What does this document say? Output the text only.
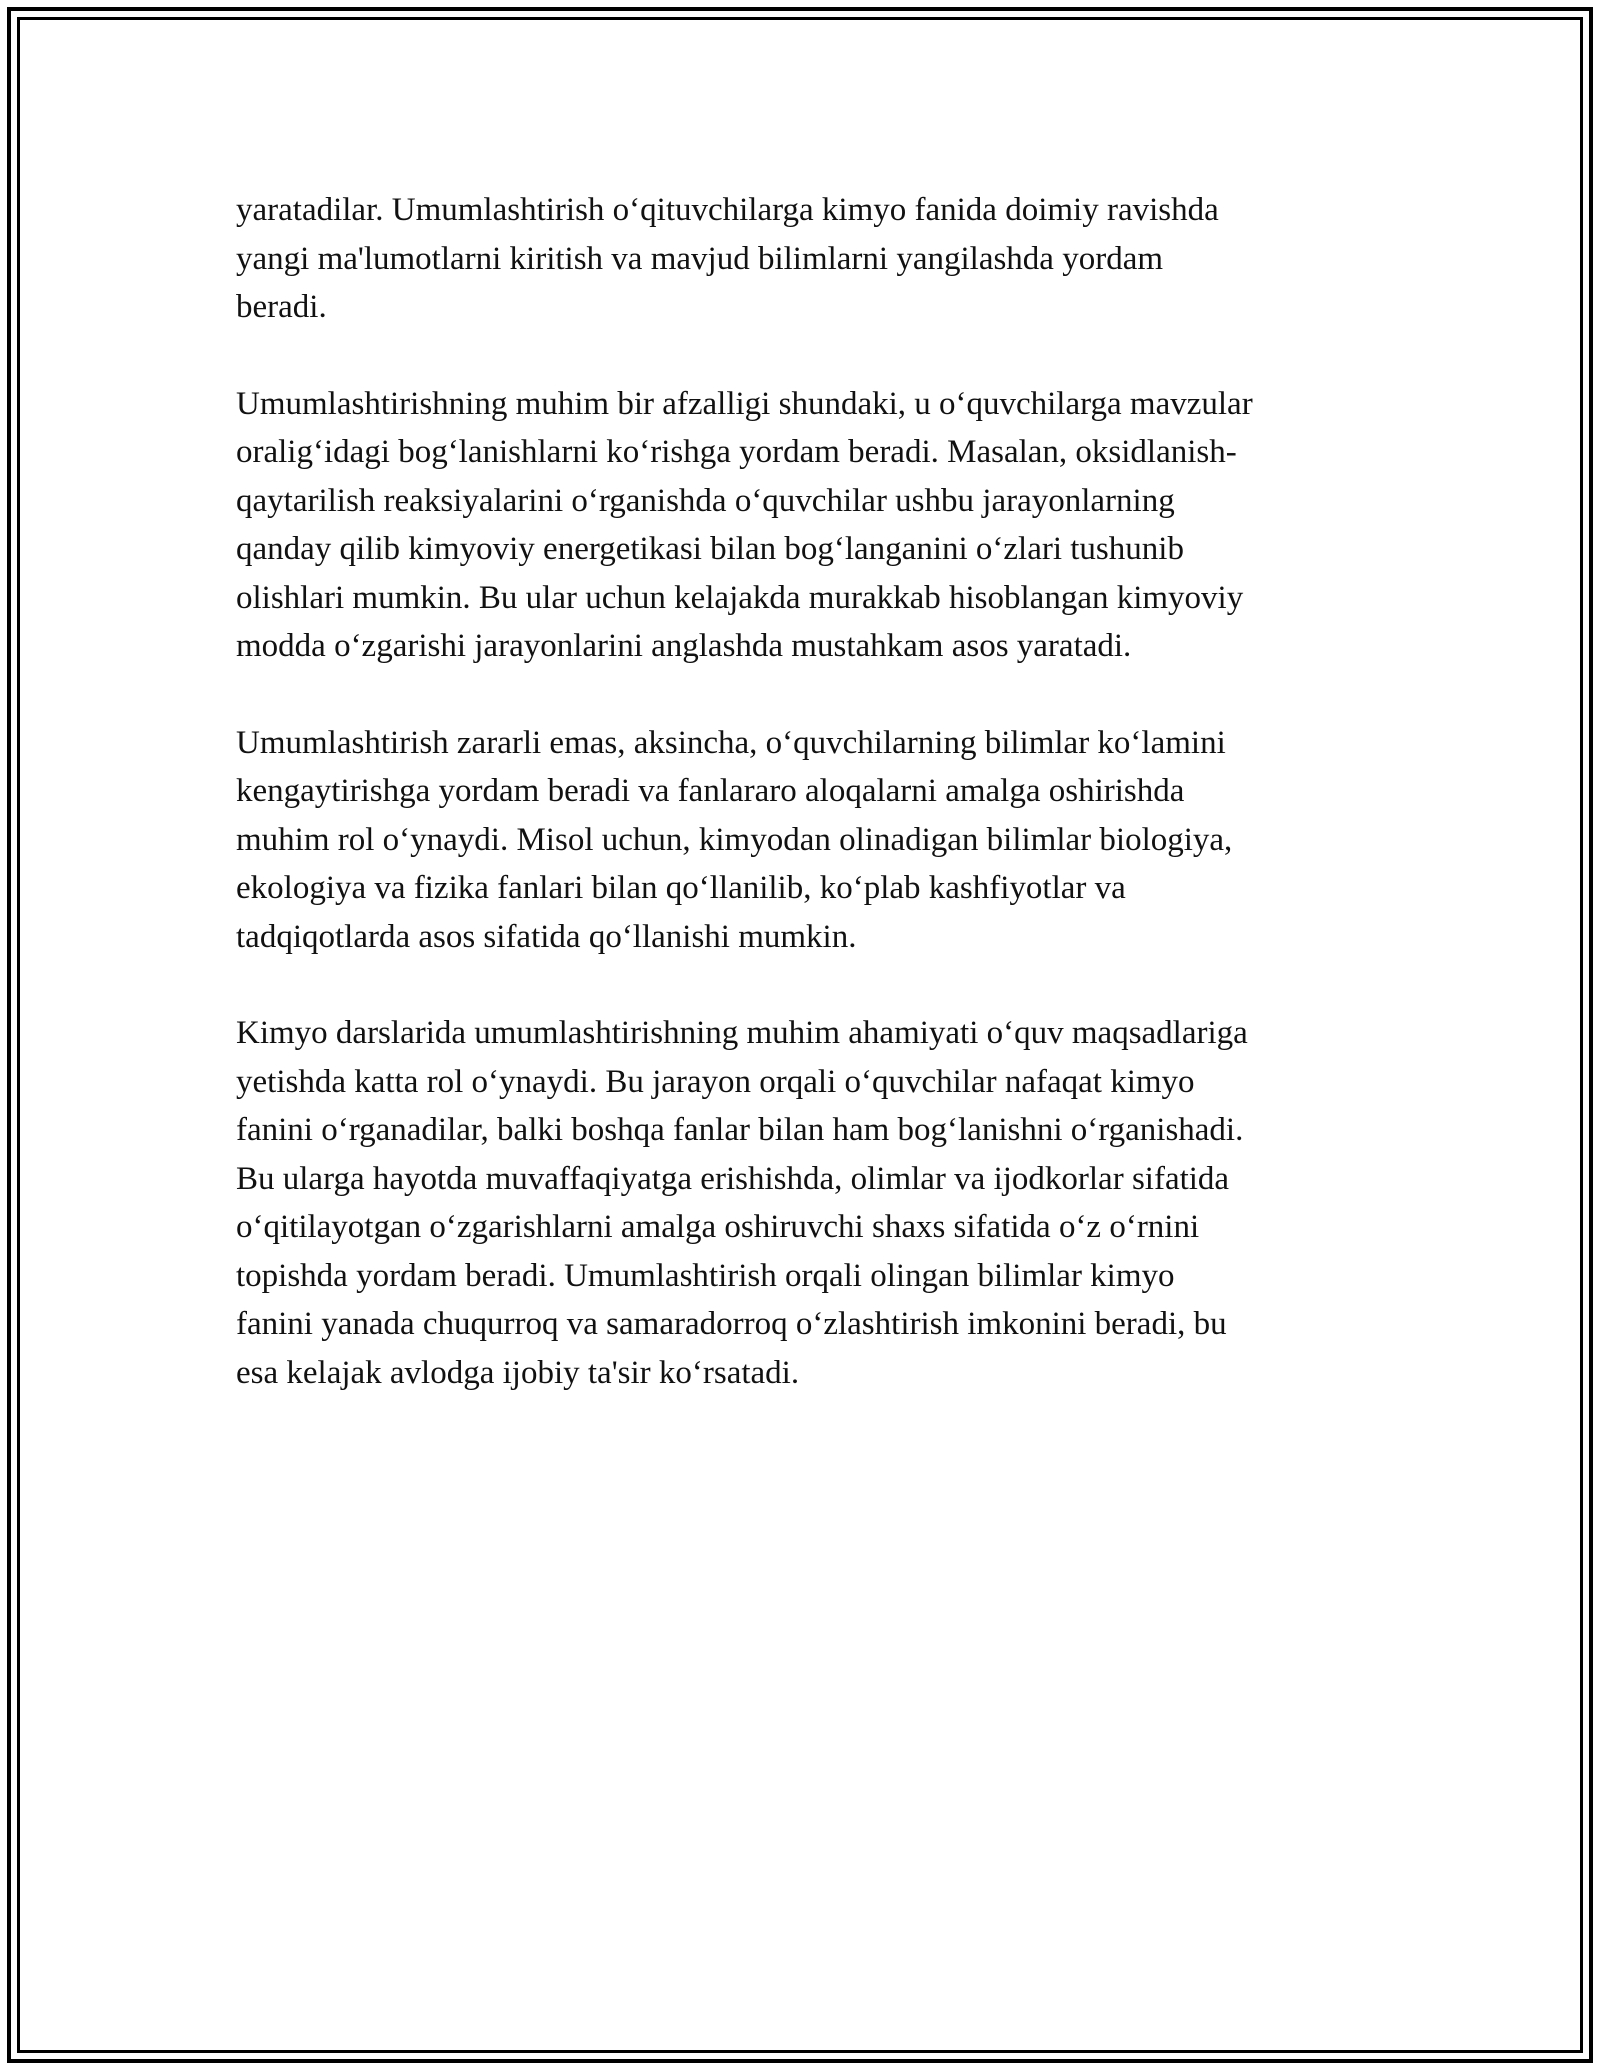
yaratadilar. Umumlashtirish o‘qituvchilarga kimyo fanida doimiy ravishda
yangi ma'lumotlarni kiritish va mavjud bilimlarni yangilashda yordam
beradi.

Umumlashtirishning muhim bir afzalligi shundaki, u o‘quvchilarga mavzular
oralig‘idagi bog‘lanishlarni ko‘rishga yordam beradi. Masalan, oksidlanish-
qaytarilish reaksiyalarini o‘rganishda o‘quvchilar ushbu jarayonlarning
qanday qilib kimyoviy energetikasi bilan bog‘langanini o‘zlari tushunib
olishlari mumkin. Bu ular uchun kelajakda murakkab hisoblangan kimyoviy
modda o‘zgarishi jarayonlarini anglashda mustahkam asos yaratadi.

Umumlashtirish zararli emas, aksincha, o‘quvchilarning bilimlar ko‘lamini
kengaytirishga yordam beradi va fanlararo aloqalarni amalga oshirishda
muhim rol o‘ynaydi. Misol uchun, kimyodan olinadigan bilimlar biologiya,
ekologiya va fizika fanlari bilan qo‘llanilib, ko‘plab kashfiyotlar va
tadqiqotlarda asos sifatida qo‘llanishi mumkin.

Kimyo darslarida umumlashtirishning muhim ahamiyati o‘quv maqsadlariga
yetishda katta rol o‘ynaydi. Bu jarayon orqali o‘quvchilar nafaqat kimyo
fanini o‘rganadilar, balki boshqa fanlar bilan ham bog‘lanishni o‘rganishadi.
Bu ularga hayotda muvaffaqiyatga erishishda, olimlar va ijodkorlar sifatida
o‘qitilayotgan o‘zgarishlarni amalga oshiruvchi shaxs sifatida o‘z o‘rnini
topishda yordam beradi. Umumlashtirish orqali olingan bilimlar kimyo
fanini yanada chuqurroq va samaradorroq o‘zlashtirish imkonini beradi, bu
esa kelajak avlodga ijobiy ta'sir ko‘rsatadi.
